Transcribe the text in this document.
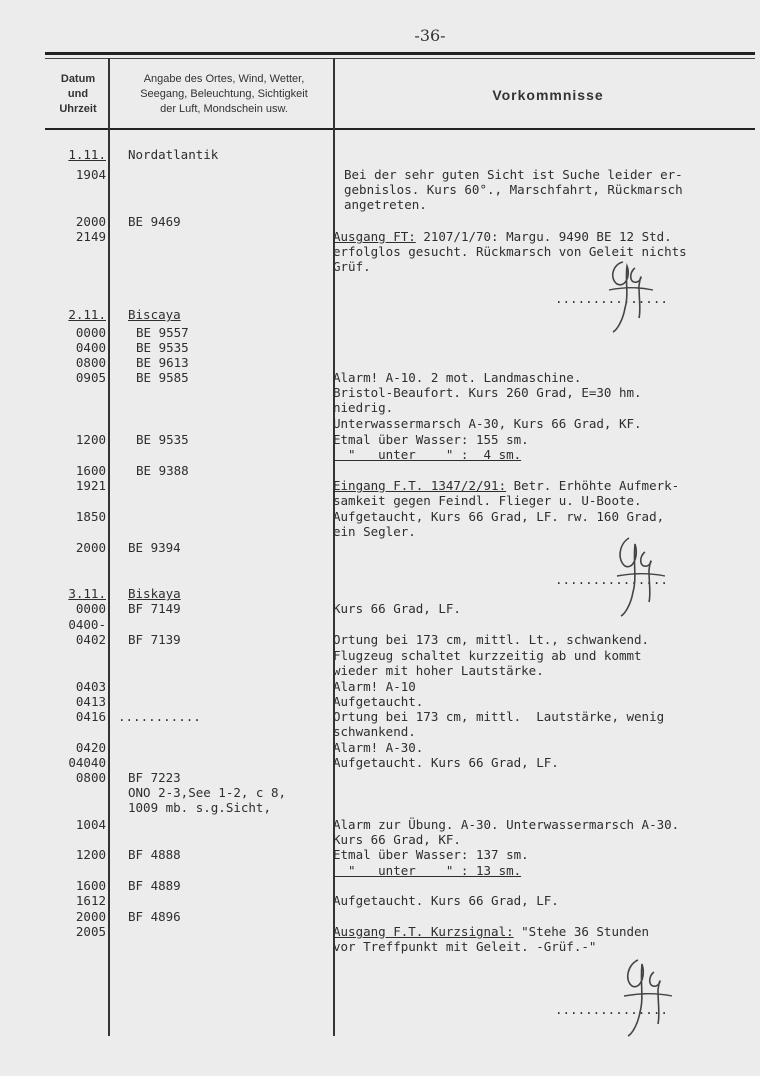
-36-
Datum
und
Uhrzeit
Angabe des Ortes, Wind, Wetter,
Seegang, Beleuchtung, Sichtigkeit
der Luft, Mondschein usw.
Vorkommnisse
1.11.
1904
2000
2149
2.11.
0000
0400
0800
0905
1200
1600
1921
1850
2000
3.11.
0000
0400-
0402
0403
0413
0416
0420
04040
0800
1004
1200
1600
1612
2000
2005
Nordatlantik
BE 9469
Biscaya
BE 9557
BE 9535
BE 9613
BE 9585
BE 9535
BE 9388
BE 9394
Biskaya
BF 7149
BF 7139
...........
BF 7223
ONO 2-3,See 1-2, c 8,
1009 mb. s.g.Sicht,
BF 4888
BF 4889
BF 4896
Bei der sehr guten Sicht ist Suche leider er-
gebnislos. Kurs 60°., Marschfahrt, Rückmarsch
angetreten.
Ausgang FT: 2107/1/70: Margu. 9490 BE 12 Std.
erfolglos gesucht. Rückmarsch von Geleit nichts
Grüf.
...............
Alarm! A-10. 2 mot. Landmaschine.
Bristol-Beaufort. Kurs 260 Grad, E=30 hm.
niedrig.
Unterwassermarsch A-30, Kurs 66 Grad, KF.
Etmal über Wasser: 155 sm.
"   unter    " :  4 sm.
Eingang F.T. 1347/2/91: Betr. Erhöhte Aufmerk-
samkeit gegen Feindl. Flieger u. U-Boote.
Aufgetaucht, Kurs 66 Grad, LF. rw. 160 Grad,
ein Segler.
...............
Kurs 66 Grad, LF.
Ortung bei 173 cm, mittl. Lt., schwankend.
Flugzeug schaltet kurzzeitig ab und kommt
wieder mit hoher Lautstärke.
Alarm! A-10
Aufgetaucht.
Ortung bei 173 cm, mittl.  Lautstärke, wenig
schwankend.
Alarm! A-30.
Aufgetaucht. Kurs 66 Grad, LF.
Alarm zur Übung. A-30. Unterwassermarsch A-30.
Kurs 66 Grad, KF.
Etmal über Wasser: 137 sm.
"   unter    " : 13 sm.
Aufgetaucht. Kurs 66 Grad, LF.
Ausgang F.T. Kurzsignal: "Stehe 36 Stunden
vor Treffpunkt mit Geleit. -Grüf.-"
...............
